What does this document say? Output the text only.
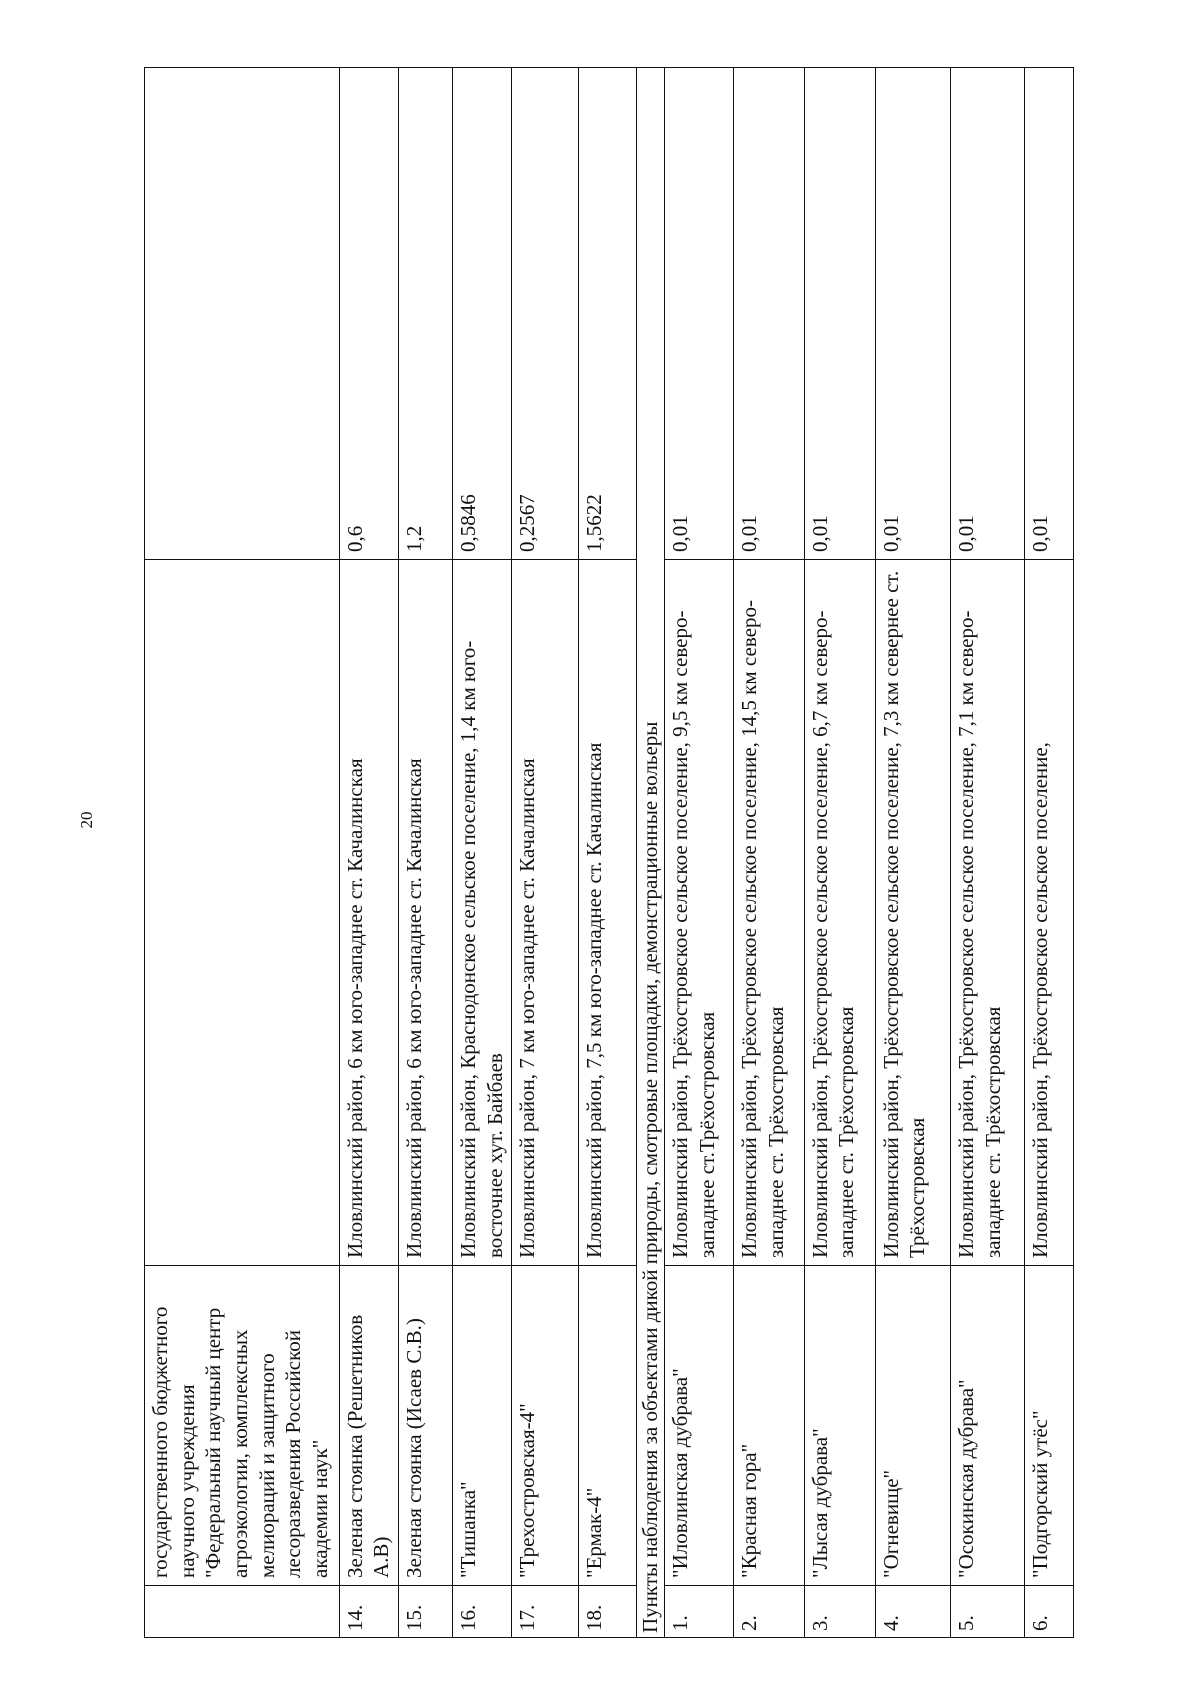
20
	государственного бюджетного научного учреждения "Федеральный научный центр агроэкологии, комплексных мелиораций и защитного лесоразведения Российской академии наук"		
14.	Зеленая стоянка (Решетников А.В)	Иловлинский район, 6 км юго-западнее ст. Качалинская	0,6
15.	Зеленая стоянка (Исаев С.В.)	Иловлинский район, 6 км юго-западнее ст. Качалинская	1,2
16.	"Тишанка"	Иловлинский район, Краснодонское сельское поселение, 1,4 км юго-восточнее хут. Байбаев	0,5846
17.	"Трехостровская-4"	Иловлинский район, 7 км юго-западнее ст. Качалинская	0,2567
18.	"Ермак-4"	Иловлинский район, 7,5 км юго-западнее ст. Качалинская	1,5622
Пункты наблюдения за объектами дикой природы, смотровые площадки, демонстрационные вольеры			
1.	"Иловлинская дубрава"	Иловлинский район, Трёхостровское сельское поселение, 9,5 км северо-западнее ст.Трёхостровская	0,01
2.	"Красная гора"	Иловлинский район, Трёхостровское сельское поселение, 14,5 км северо-западнее ст. Трёхостровская	0,01
3.	"Лысая дубрава"	Иловлинский район, Трёхостровское сельское поселение, 6,7 км северо-западнее ст. Трёхостровская	0,01
4.	"Огневище"	Иловлинский район, Трёхостровское сельское поселение, 7,3 км севернее ст. Трёхостровская	0,01
5.	"Осокинская дубрава"	Иловлинский район, Трёхостровское сельское поселение, 7,1 км северо-западнее ст. Трёхостровская	0,01
6.	"Подгорский утёс"	Иловлинский район, Трёхостровское сельское поселение,	0,01
